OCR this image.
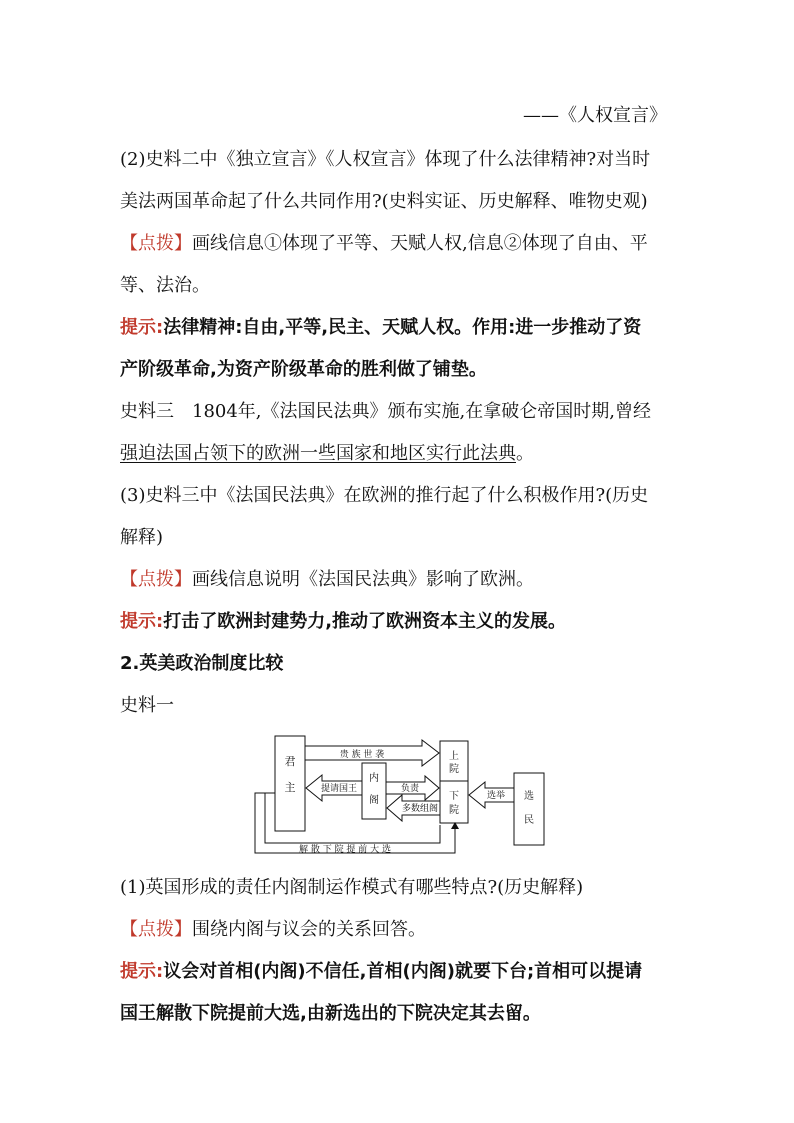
——《人权宣言》
(2)史料二中《独立宣言》《人权宣言》体现了什么法律精神?对当时
美法两国革命起了什么共同作用?(史料实证、历史解释、唯物史观)
【点拨】画线信息①体现了平等、天赋人权,信息②体现了自由、平
等、法治。
提示:法律精神:自由,平等,民主、天赋人权。作用:进一步推动了资
产阶级革命,为资产阶级革命的胜利做了铺垫。
史料三　1804年,《法国民法典》颁布实施,在拿破仑帝国时期,曾经
强迫法国占领下的欧洲一些国家和地区实行此法典。
(3)史料三中《法国民法典》在欧洲的推行起了什么积极作用?(历史
解释)
【点拨】画线信息说明《法国民法典》影响了欧洲。
提示:打击了欧洲封建势力,推动了欧洲资本主义的发展。
2.英美政治制度比较
史料一
君
主
内
阁
上
院
下
院
选
民
贵 族 世 袭
提请国王	负责
多数组阁
选举
解 散 下 院 提 前 大 选
(1)英国形成的责任内阁制运作模式有哪些特点?(历史解释)
【点拨】围绕内阁与议会的关系回答。
提示:议会对首相(内阁)不信任,首相(内阁)就要下台;首相可以提请
国王解散下院提前大选,由新选出的下院决定其去留。
